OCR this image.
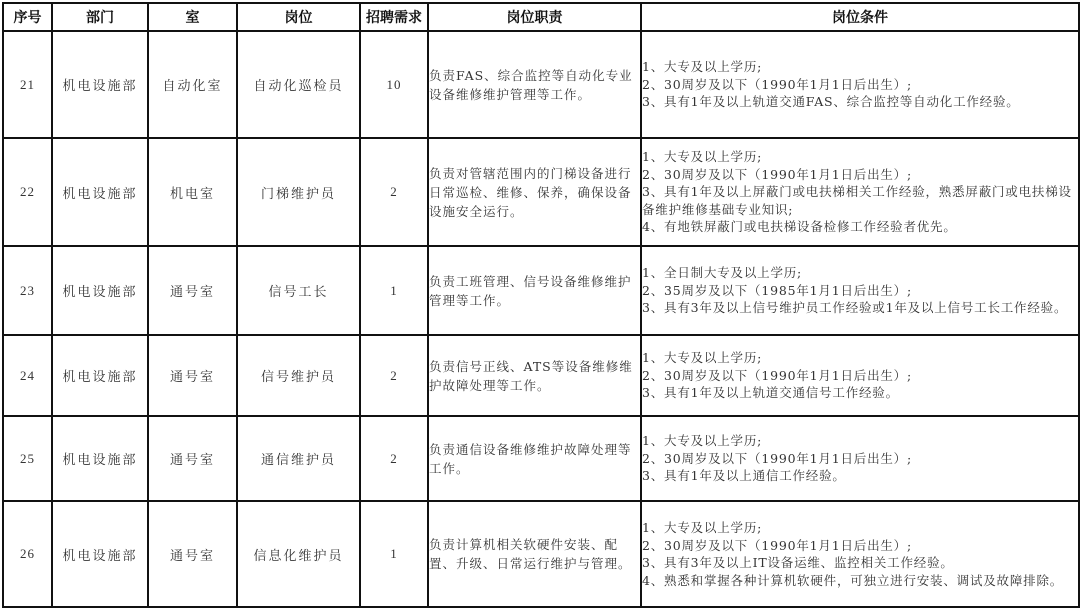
序号	部门	室	岗位	招聘需求	岗位职责	岗位条件
21	机电设施部	自动化室	自动化巡检员	10	负责FAS、综合监控等自动化专业设备维修维护管理等工作。	1、大专及以上学历;
2、30周岁及以下（1990年1月1日后出生）;
3、具有1年及以上轨道交通FAS、综合监控等自动化工作经验。

22	机电设施部	机电室	门梯维护员	2	负责对管辖范围内的门梯设备进行日常巡检、维修、保养，确保设备设施安全运行。	1、大专及以上学历;
2、30周岁及以下（1990年1月1日后出生）;
3、具有1年及以上屏蔽门或电扶梯相关工作经验，熟悉屏蔽门或电扶梯设备维护维修基础专业知识;
4、有地铁屏蔽门或电扶梯设备检修工作经验者优先。

23	机电设施部	通号室	信号工长	1	负责工班管理、信号设备维修维护管理等工作。	1、全日制大专及以上学历;
2、35周岁及以下（1985年1月1日后出生）;
3、具有3年及以上信号维护员工作经验或1年及以上信号工长工作经验。

24	机电设施部	通号室	信号维护员	2	负责信号正线、ATS等设备维修维护故障处理等工作。	1、大专及以上学历;
2、30周岁及以下（1990年1月1日后出生）;
3、具有1年及以上轨道交通信号工作经验。

25	机电设施部	通号室	通信维护员	2	负责通信设备维修维护故障处理等工作。	1、大专及以上学历;
2、30周岁及以下（1990年1月1日后出生）;
3、具有1年及以上通信工作经验。

26	机电设施部	通号室	信息化维护员	1	负责计算机相关软硬件安装、配置、升级、日常运行维护与管理。	1、大专及以上学历;
2、30周岁及以下（1990年1月1日后出生）;
3、具有3年及以上IT设备运维、监控相关工作经验。
4、熟悉和掌握各种计算机软硬件，可独立进行安装、调试及故障排除。
